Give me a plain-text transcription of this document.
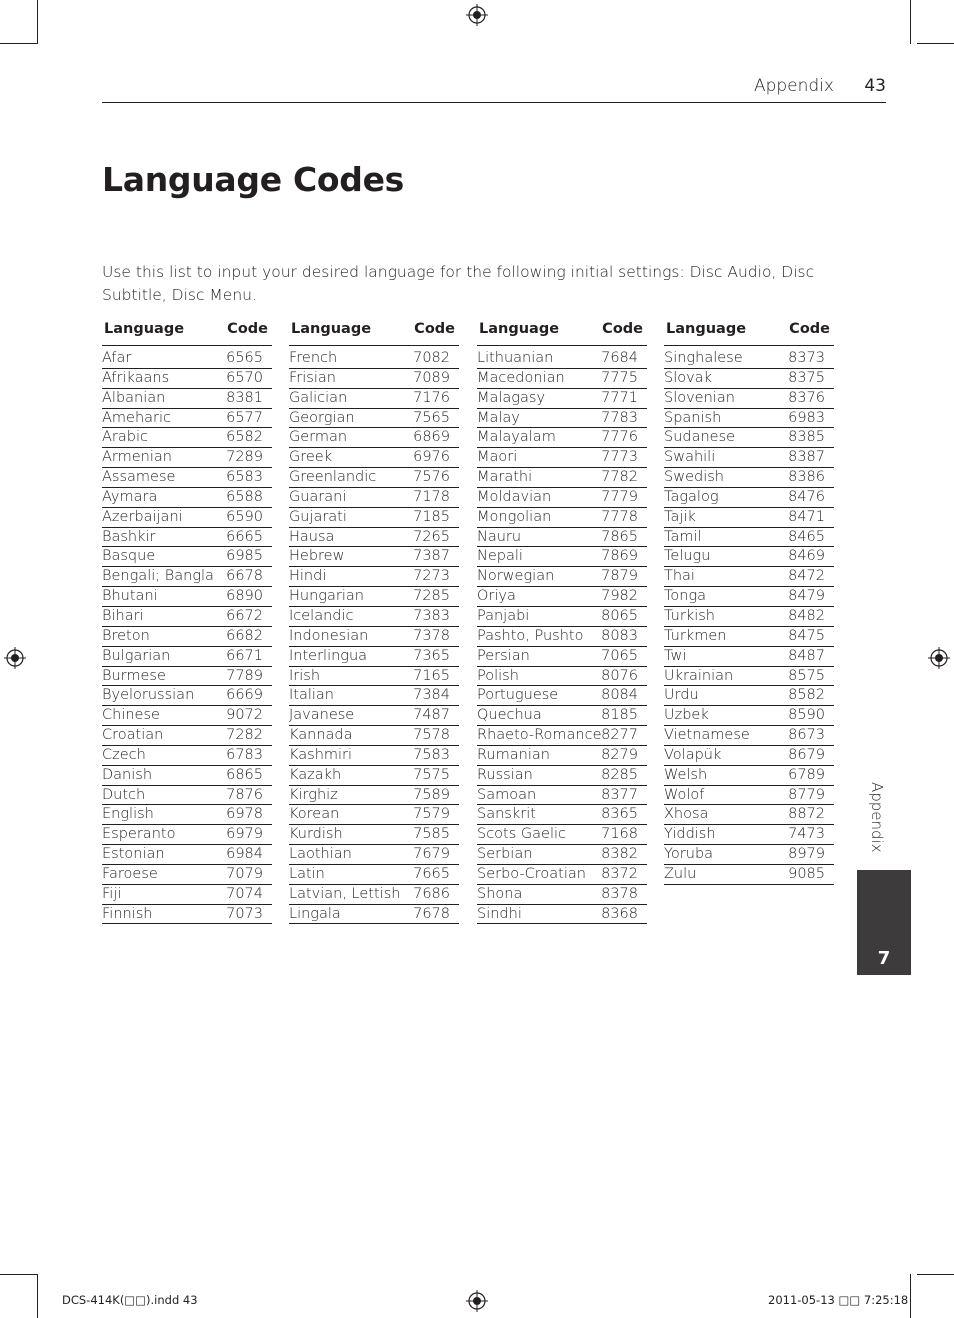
Appendix 43
Language Codes

Use this list to input your desired language for the following initial settings: Disc Audio, Disc Subtitle, Disc Menu.

Language	Code
Afar	6565
Afrikaans	6570
Albanian	8381
Ameharic	6577
Arabic	6582
Armenian	7289
Assamese	6583
Aymara	6588
Azerbaijani	6590
Bashkir	6665
Basque	6985
Bengali; Bangla 6678
Bhutani	6890
Bihari	6672
Breton	6682
Bulgarian	6671
Burmese	7789
Byelorussian 6669
Chinese	9072
Croatian	7282
Czech	6783
Danish	6865
Dutch	7876
English	6978
Esperanto	6979
Estonian	6984
Faroese	7079
Fiji	7074
Finnish	7073
Language	Code
French	7082
Frisian	7089
Galician	7176
Georgian	7565
German	6869
Greek	6976
Greenlandic	7576
Guarani	7178
Gujarati	7185
Hausa	7265
Hebrew	7387
Hindi	7273
Hungarian	7285
Icelandic	7383
Indonesian	7378
Interlingua	7365
Irish	7165
Italian	7384
Javanese	7487
Kannada	7578
Kashmiri	7583
Kazakh	7575
Kirghiz	7589
Korean	7579
Kurdish	7585
Laothian	7679
Latin	7665
Latvian, Lettish 7686
Lingala	7678
Language	Code
Lithuanian	7684
Macedonian	7775
Malagasy	7771
Malay	7783
Malayalam	7776
Maori	7773
Marathi	7782
Moldavian	7779
Mongolian	7778
Nauru	7865
Nepali	7869
Norwegian	7879
Oriya	7982
Panjabi	8065
Pashto, Pushto 8083
Persian	7065
Polish	8076
Portuguese	8084
Quechua	8185
Rhaeto-Romance 8277
Rumanian	8279
Russian	8285
Samoan	8377
Sanskrit	8365
Scots Gaelic 7168
Serbian	8382
Serbo-Croatian 8372
Shona	8378
Sindhi	8368
Language	Code
Singhalese	8373
Slovak	8375
Slovenian	8376
Spanish	6983
Sudanese	8385
Swahili	8387
Swedish	8386
Tagalog	8476
Tajik	8471
Tamil	8465
Telugu	8469
Thai	8472
Tonga	8479
Turkish	8482
Turkmen	8475
Twi	8487
Ukrainian	8575
Urdu	8582
Uzbek	8590
Vietnamese	8673
Volapük	8679
Welsh	6789
Wolof	8779
Xhosa	8872
Yiddish	7473
Yoruba	8979
Zulu	9085
Appendix
7
DCS-414K(□□).indd 43	2011-05-13 □□ 7:25:18
